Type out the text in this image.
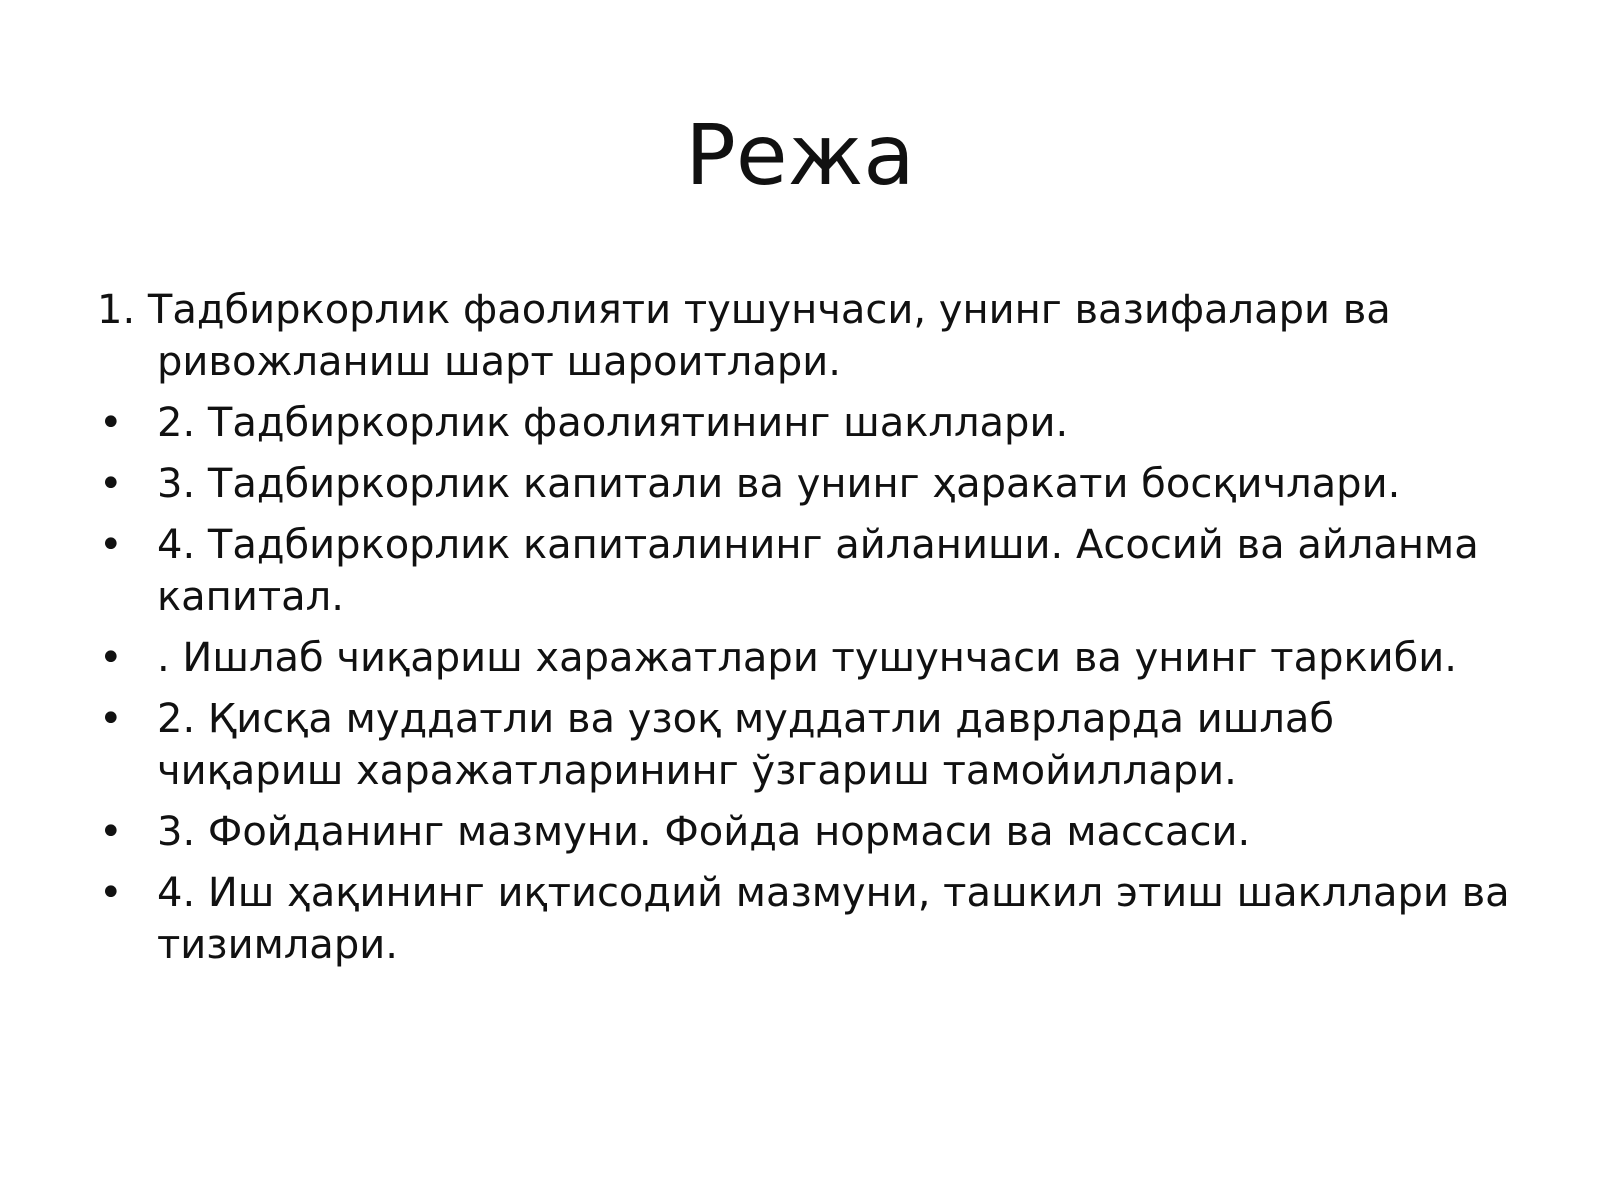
Режа
1. Тадбиркорлик фаолияти тушунчаси, унинг вазифалари ва ривожланиш шарт шароитлари.
• 2. Тадбиркорлик фаолиятининг шакллари.
• 3. Тадбиркорлик капитали ва унинг ҳаракати босқичлари.
• 4. Тадбиркорлик капиталининг айланиши. Асосий ва айланма капитал.
• . Ишлаб чиқариш харажатлари тушунчаси ва унинг таркиби.
• 2. Қисқа муддатли ва узоқ муддатли даврларда ишлаб чиқариш харажатларининг ўзгариш тамойиллари.
• 3. Фойданинг мазмуни. Фойда нормаси ва массаси.
• 4. Иш ҳақининг иқтисодий мазмуни, ташкил этиш шакллари ва тизимлари.
